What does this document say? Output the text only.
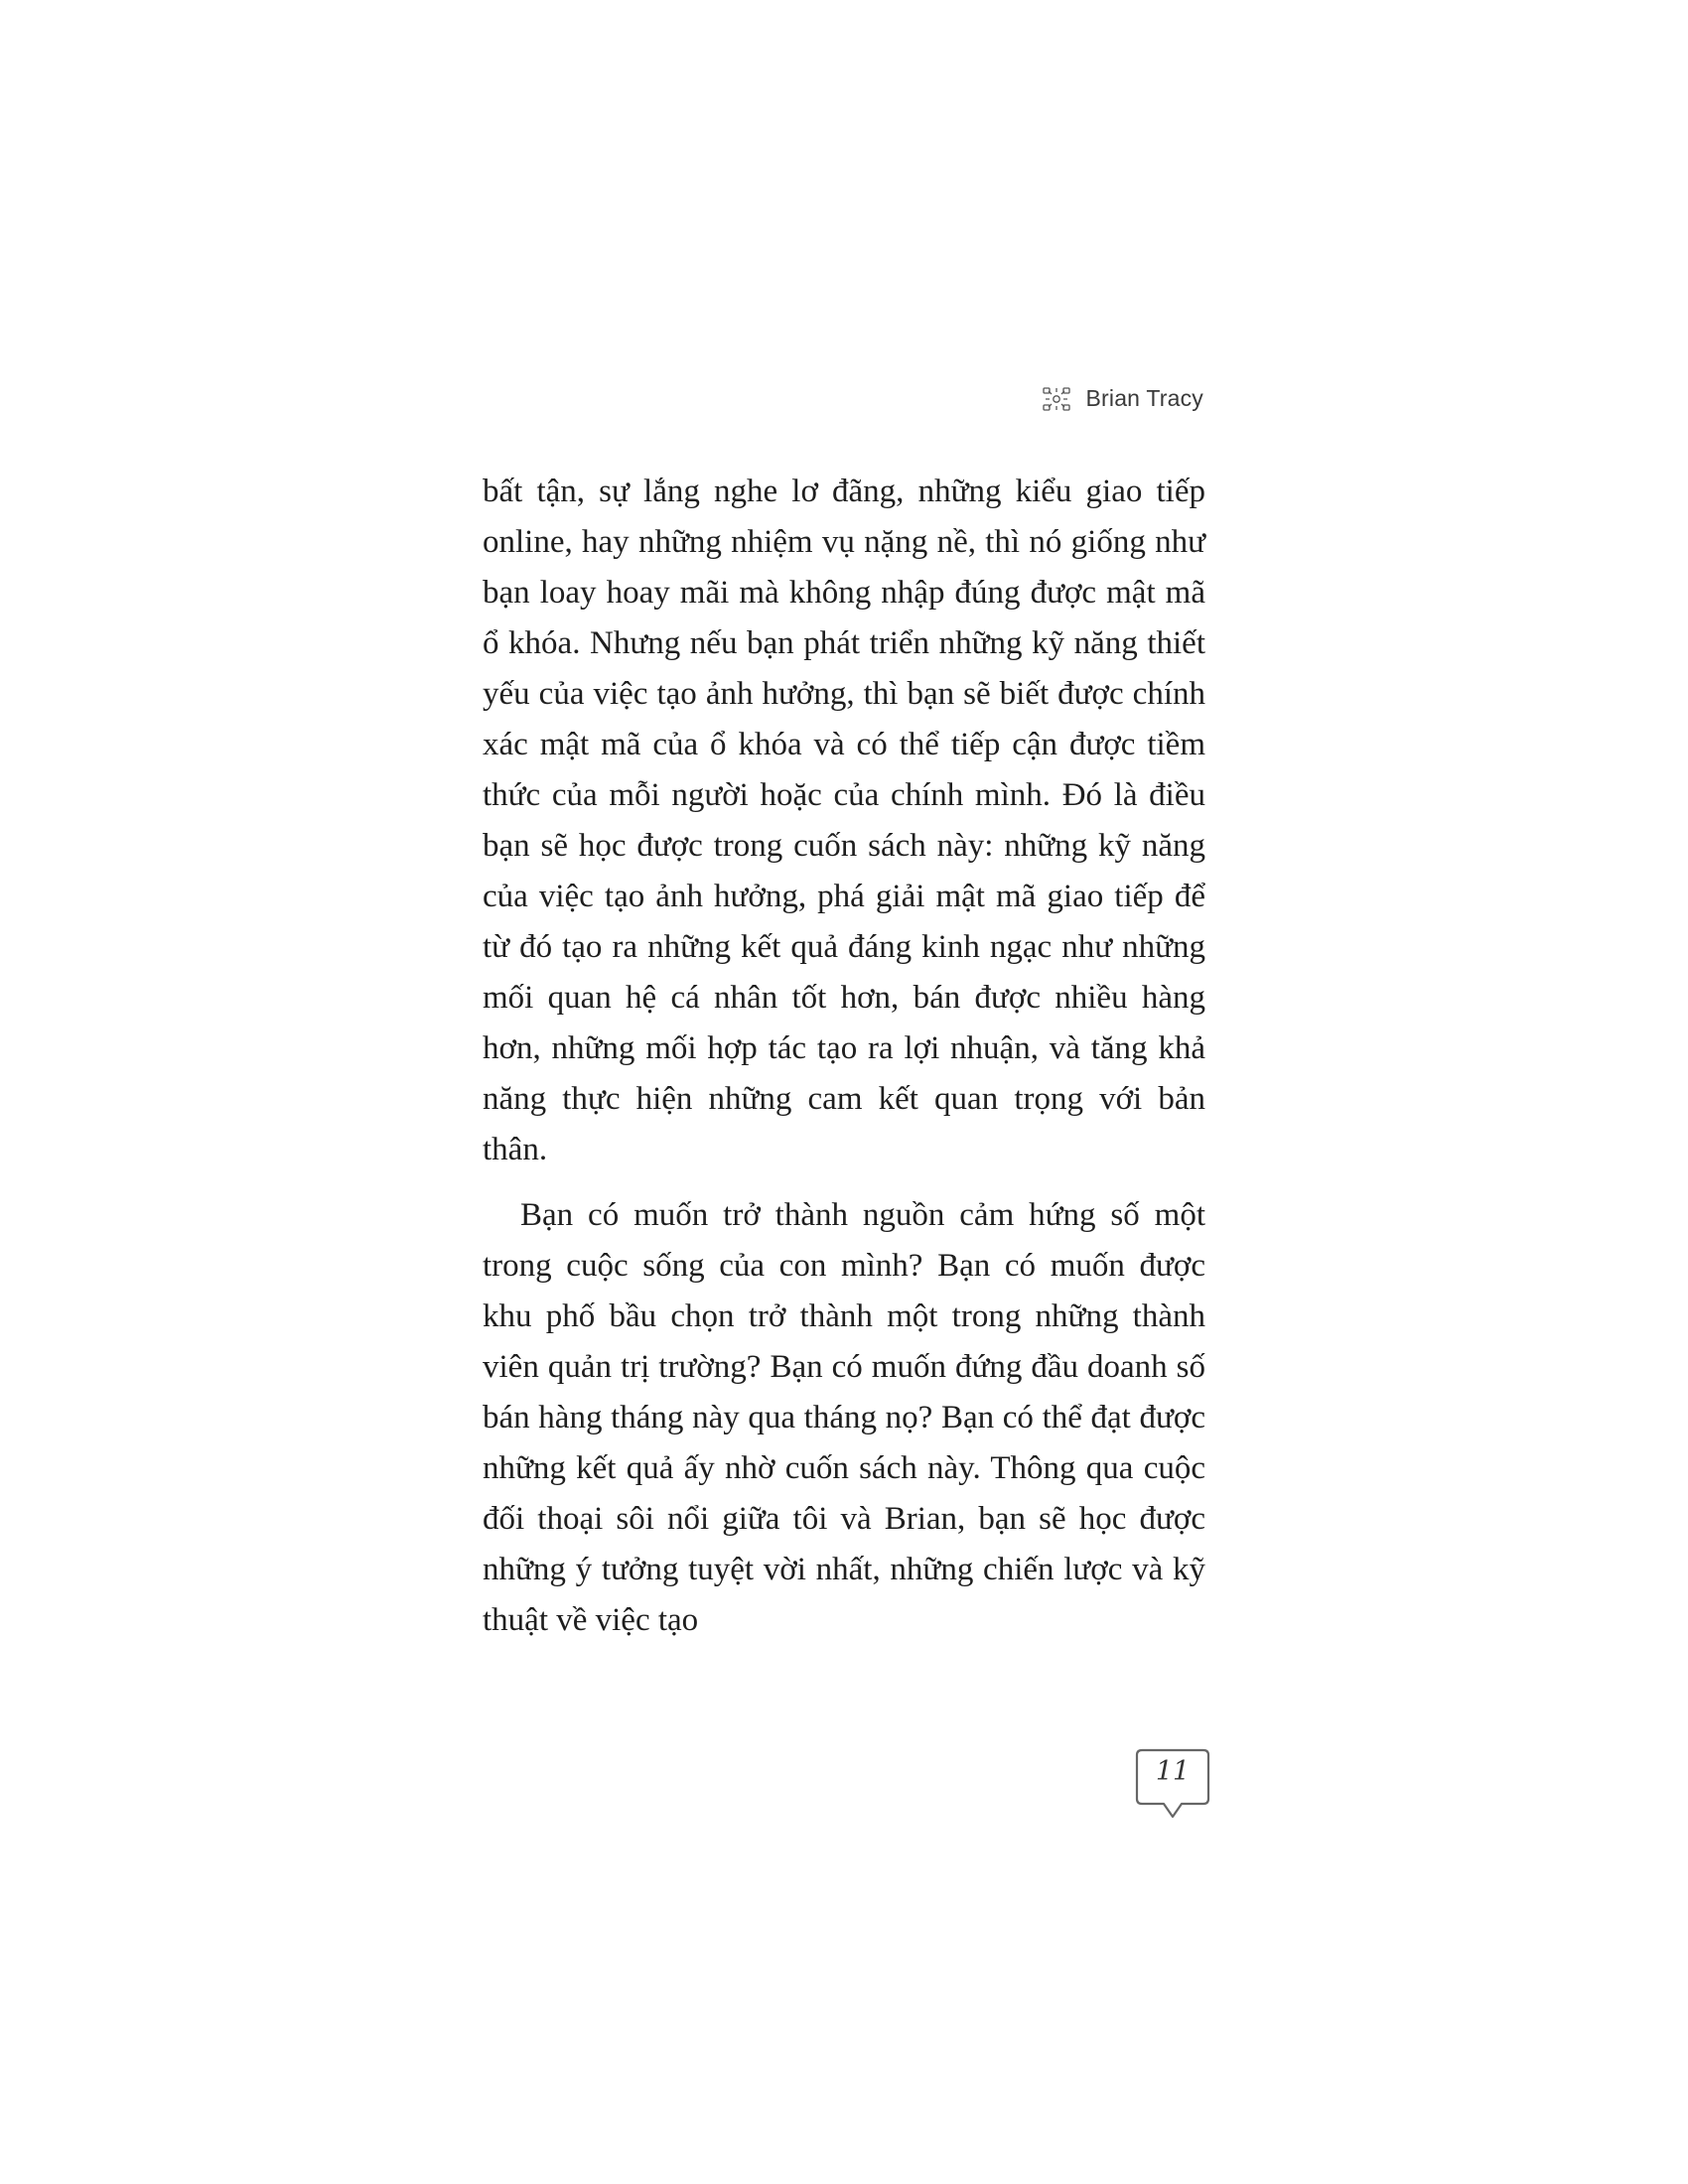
Brian Tracy

bất tận, sự lắng nghe lơ đãng, những kiểu giao tiếp online, hay những nhiệm vụ nặng nề, thì nó giống như bạn loay hoay mãi mà không nhập đúng được mật mã ổ khóa. Nhưng nếu bạn phát triển những kỹ năng thiết yếu của việc tạo ảnh hưởng, thì bạn sẽ biết được chính xác mật mã của ổ khóa và có thể tiếp cận được tiềm thức của mỗi người hoặc của chính mình. Đó là điều bạn sẽ học được trong cuốn sách này: những kỹ năng của việc tạo ảnh hưởng, phá giải mật mã giao tiếp để từ đó tạo ra những kết quả đáng kinh ngạc như những mối quan hệ cá nhân tốt hơn, bán được nhiều hàng hơn, những mối hợp tác tạo ra lợi nhuận, và tăng khả năng thực hiện những cam kết quan trọng với bản thân.

Bạn có muốn trở thành nguồn cảm hứng số một trong cuộc sống của con mình? Bạn có muốn được khu phố bầu chọn trở thành một trong những thành viên quản trị trường? Bạn có muốn đứng đầu doanh số bán hàng tháng này qua tháng nọ? Bạn có thể đạt được những kết quả ấy nhờ cuốn sách này. Thông qua cuộc đối thoại sôi nổi giữa tôi và Brian, bạn sẽ học được những ý tưởng tuyệt vời nhất, những chiến lược và kỹ thuật về việc tạo

11
